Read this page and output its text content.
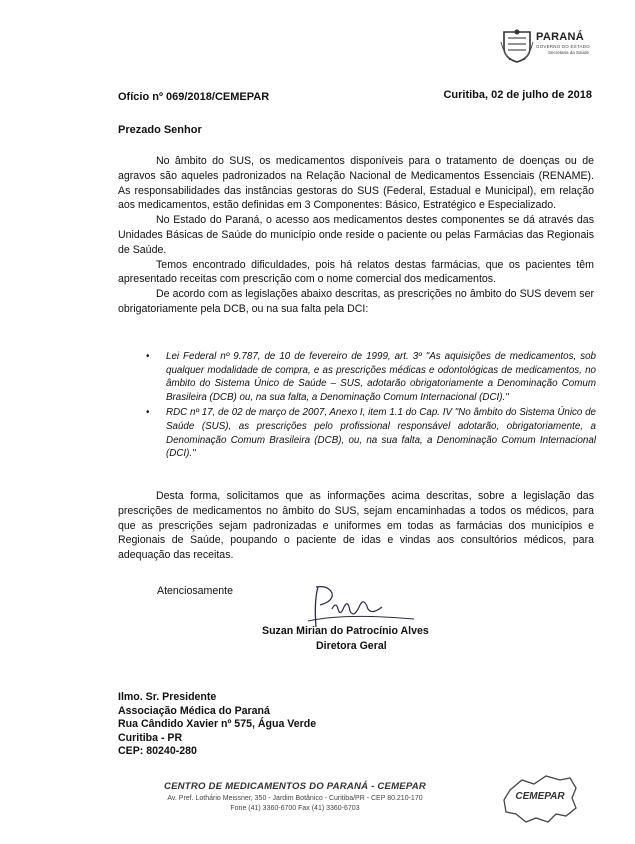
PARANÁ
GOVERNO DO ESTADO
Secretaria da Saúde
Ofício nº 069/2018/CEMEPAR	Curitiba, 02 de julho de 2018
Prezado Senhor

No âmbito do SUS, os medicamentos disponíveis para o tratamento de doenças ou de agravos são aqueles padronizados na Relação Nacional de Medicamentos Essenciais (RENAME). As responsabilidades das instâncias gestoras do SUS (Federal, Estadual e Municipal), em relação aos medicamentos, estão definidas em 3 Componentes: Básico, Estratégico e Especializado.

No Estado do Paraná, o acesso aos medicamentos destes componentes se dá através das Unidades Básicas de Saúde do município onde reside o paciente ou pelas Farmácias das Regionais de Saúde.

Temos encontrado dificuldades, pois há relatos destas farmácias, que os pacientes têm apresentado receitas com prescrição com o nome comercial dos medicamentos.

De acordo com as legislações abaixo descritas, as prescrições no âmbito do SUS devem ser obrigatoriamente pela DCB, ou na sua falta pela DCI:

• Lei Federal nº 9.787, de 10 de fevereiro de 1999, art. 3º "As aquisições de medicamentos, sob qualquer modalidade de compra, e as prescrições médicas e odontológicas de medicamentos, no âmbito do Sistema Único de Saúde – SUS, adotarão obrigatoriamente a Denominação Comum Brasileira (DCB) ou, na sua falta, a Denominação Comum Internacional (DCI)."
• RDC nº 17, de 02 de março de 2007, Anexo I, item 1.1 do Cap. IV "No âmbito do Sistema Único de Saúde (SUS), as prescrições pelo profissional responsável adotarão, obrigatoriamente, a Denominação Comum Brasileira (DCB), ou, na sua falta, a Denominação Comum Internacional (DCI)."

Desta forma, solicitamos que as informações acima descritas, sobre a legislação das prescrições de medicamentos no âmbito do SUS, sejam encaminhadas a todos os médicos, para que as prescrições sejam padronizadas e uniformes em todas as farmácias dos municípios e Regionais de Saúde, poupando o paciente de idas e vindas aos consultórios médicos, para adequação das receitas.

Atenciosamente
Suzan Mirian do Patrocínio Alves
Diretora Geral
Ilmo. Sr. Presidente
Associação Médica do Paraná
Rua Cândido Xavier nº 575, Água Verde
Curitiba - PR
CEP: 80240-280
CENTRO DE MEDICAMENTOS DO PARANÁ - CEMEPAR
Av. Pref. Lothário Meissner, 350 - Jardim Botânico - Curitiba/PR - CEP 80.210-170
Fone (41) 3360-6700 Fax (41) 3360-6703
CEMEPAR
